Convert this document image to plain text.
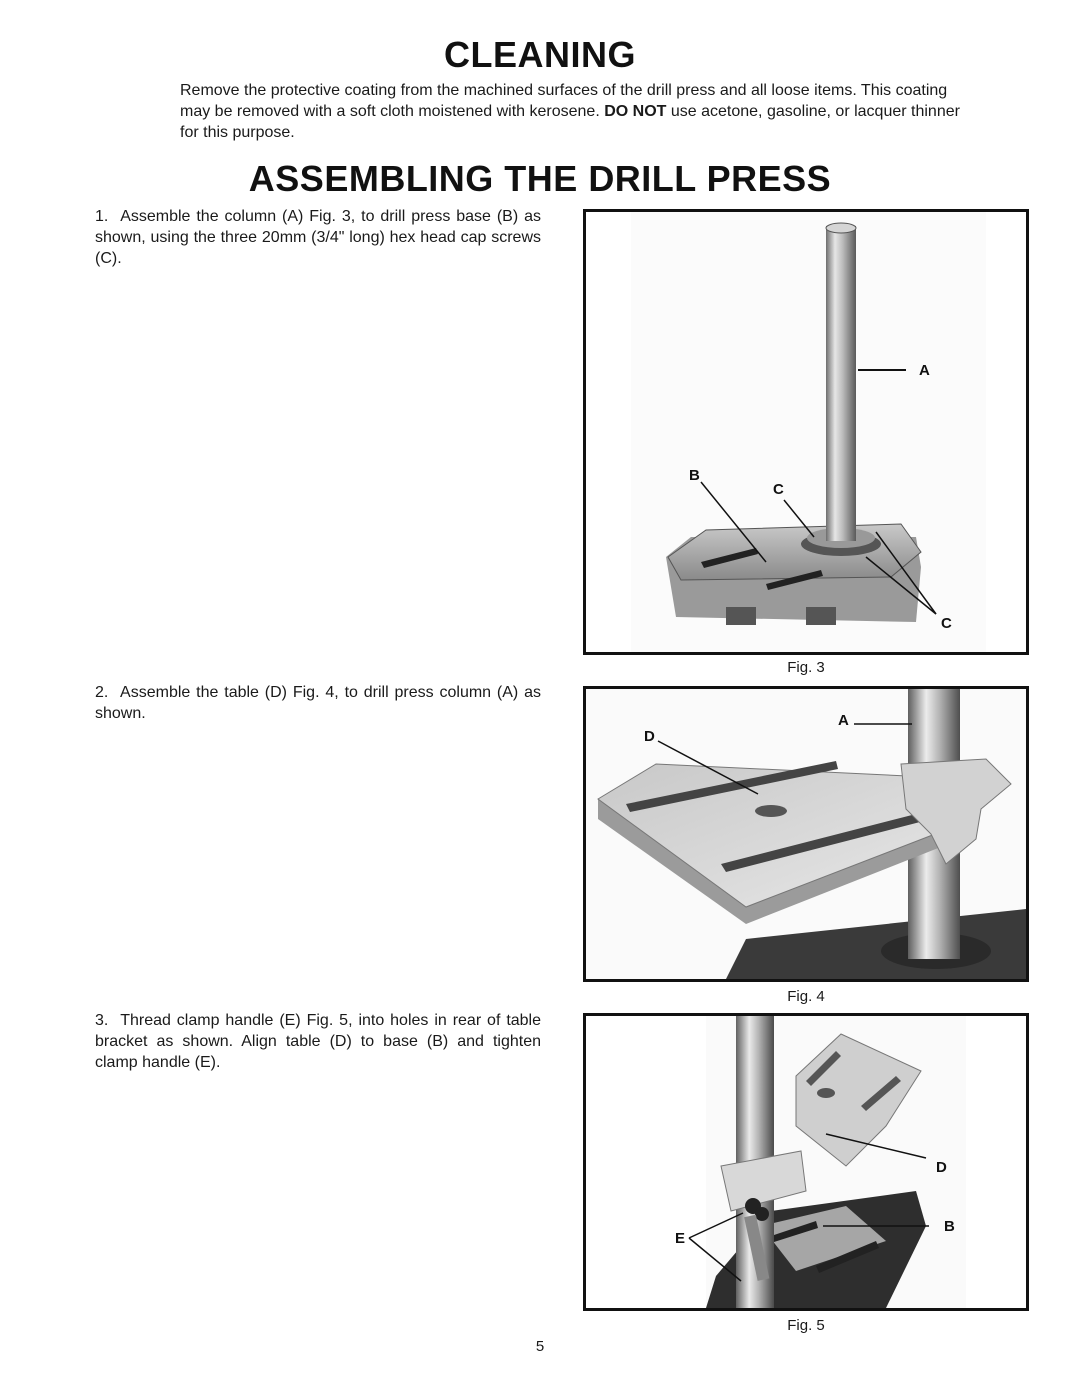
CLEANING

Remove the protective coating from the machined surfaces of the drill press and all loose items. This coating may be removed with a soft cloth moistened with kerosene. DO NOT use acetone, gasoline, or lacquer thinner for this purpose.

ASSEMBLING THE DRILL PRESS

1. Assemble the column (A) Fig. 3, to drill press base (B) as shown, using the three 20mm (3/4" long) hex head cap screws (C).

2. Assemble the table (D) Fig. 4, to drill press column (A) as shown.

3. Thread clamp handle (E) Fig. 5, into holes in rear of table bracket as shown. Align table (D) to base (B) and tighten clamp handle (E).

A
B
C
C
Fig. 3
A
D
Fig. 4
D
B
E
Fig. 5
5
